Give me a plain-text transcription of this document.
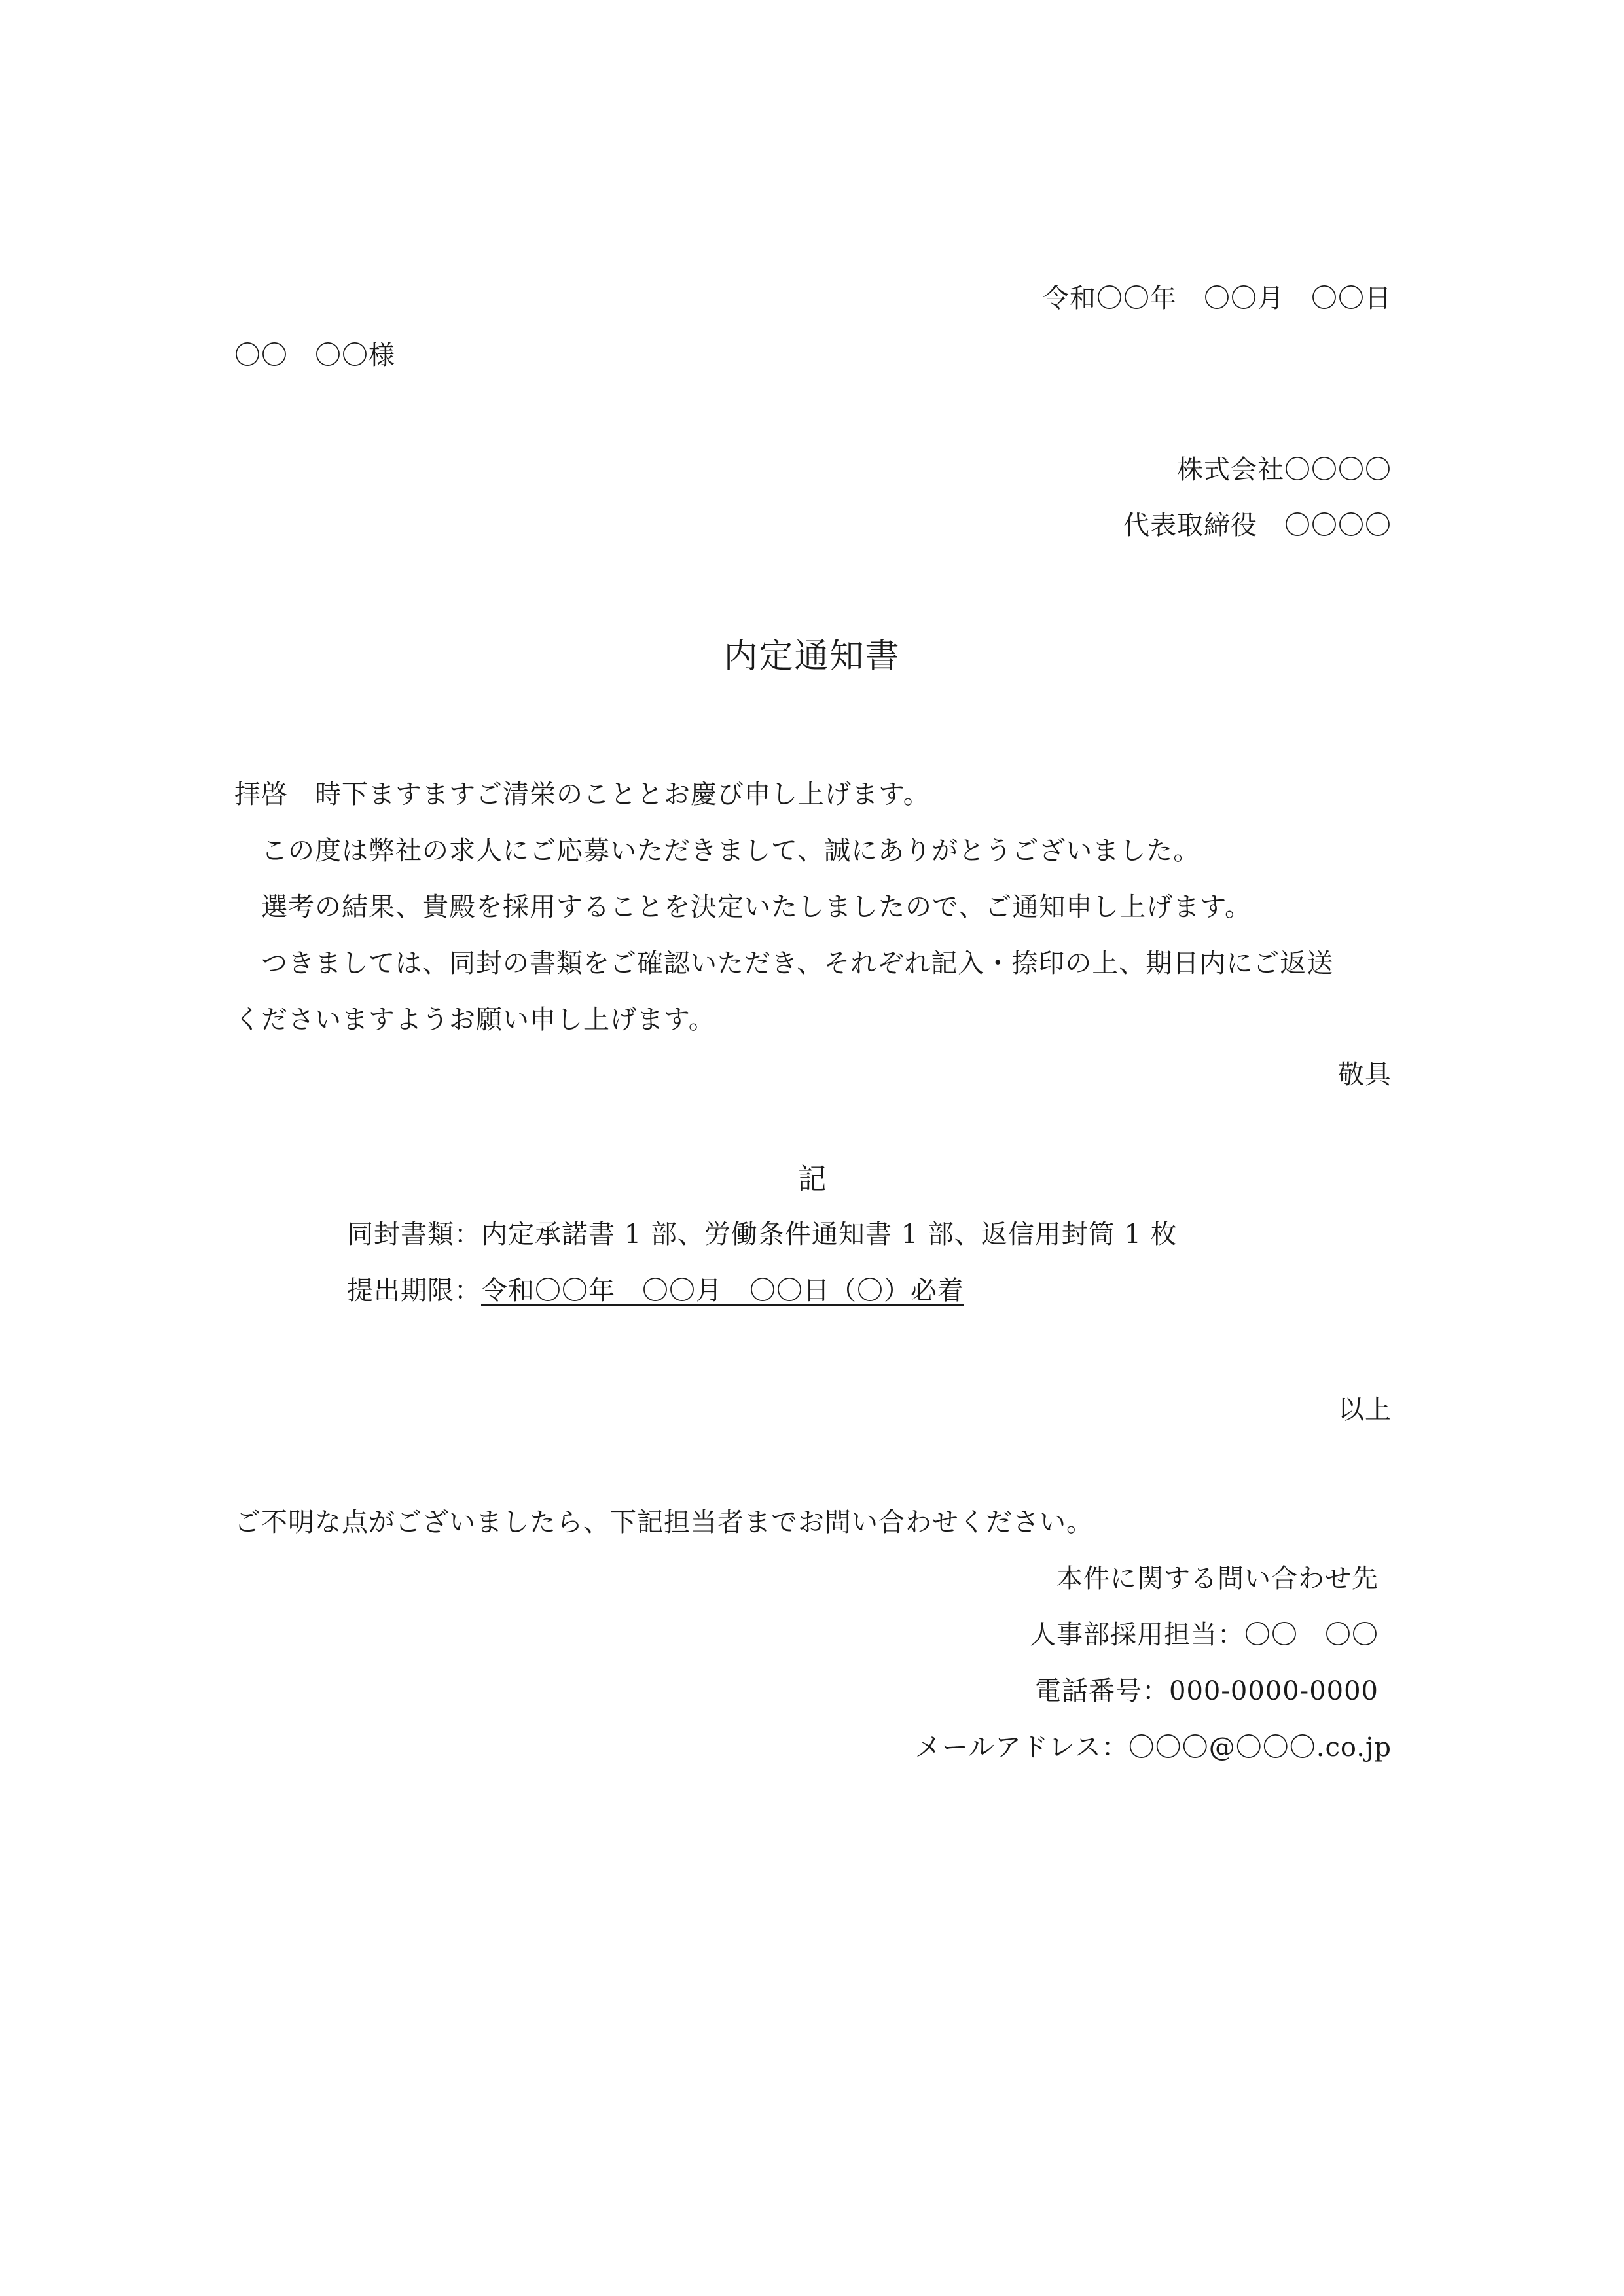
令和〇〇年　〇〇月　〇〇日
〇〇　〇〇様
株式会社〇〇〇〇
代表取締役　〇〇〇〇
内定通知書
拝啓　時下ますますご清栄のこととお慶び申し上げます。
　この度は弊社の求人にご応募いただきまして、誠にありがとうございました。
　選考の結果、貴殿を採用することを決定いたしましたので、ご通知申し上げます。
　つきましては、同封の書類をご確認いただき、それぞれ記入・捺印の上、期日内にご返送
くださいますようお願い申し上げます。
敬具
記
同封書類：内定承諾書 1 部、労働条件通知書 1 部、返信用封筒 1 枚
提出期限：令和〇〇年　〇〇月　〇〇日（〇）必着
以上
ご不明な点がございましたら、下記担当者までお問い合わせください。
本件に関する問い合わせ先
人事部採用担当：〇〇　〇〇
電話番号：000-0000-0000
メールアドレス：〇〇〇@〇〇〇.co.jp
